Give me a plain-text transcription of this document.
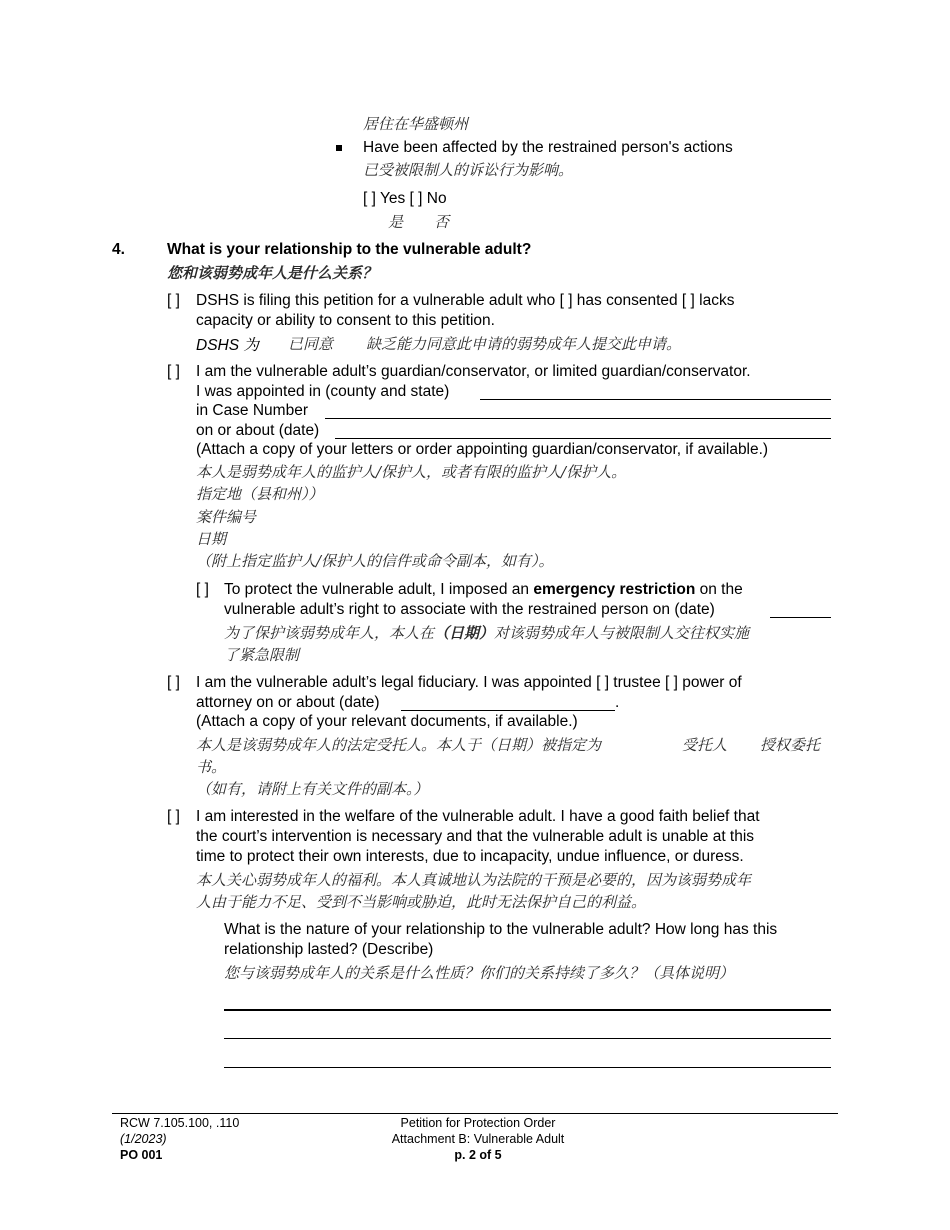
居住在华盛顿州
Have been affected by the restrained person's actions
已受被限制人的诉讼行为影响。
[ ] Yes [ ] No
是 否
4.	What is your relationship to the vulnerable adult?
您和该弱势成年人是什么关系？
[ ] DSHS is filing this petition for a vulnerable adult who [ ] has consented [ ] lacks
capacity or ability to consent to this petition.
DSHS 为 已同意 缺乏能力同意此申请的弱势成年人提交此申请。
[ ] I am the vulnerable adult’s guardian/conservator, or limited guardian/conservator.
I was appointed in (county and state)
in Case Number
on or about (date)
(Attach a copy of your letters or order appointing guardian/conservator, if available.)
本人是弱势成年人的监护人/保护人，或者有限的监护人/保护人。
指定地（县和州））
案件编号
日期
（附上指定监护人/保护人的信件或命令副本，如有）。
[ ] To protect the vulnerable adult, I imposed an emergency restriction on the
vulnerable adult’s right to associate with the restrained person on (date)
为了保护该弱势成年人，本人在（日期）对该弱势成年人与被限制人交往权实施
了紧急限制
[ ] I am the vulnerable adult’s legal fiduciary. I was appointed [ ] trustee [ ] power of
attorney on or about (date)	.
(Attach a copy of your relevant documents, if available.)
本人是该弱势成年人的法定受托人。本人于（日期）被指定为	受托人 授权委托
书。
（如有，请附上有关文件的副本。）
[ ] I am interested in the welfare of the vulnerable adult. I have a good faith belief that
the court’s intervention is necessary and that the vulnerable adult is unable at this
time to protect their own interests, due to incapacity, undue influence, or duress.
本人关心弱势成年人的福利。本人真诚地认为法院的干预是必要的，因为该弱势成年
人由于能力不足、受到不当影响或胁迫，此时无法保护自己的利益。
What is the nature of your relationship to the vulnerable adult? How long has this
relationship lasted? (Describe)
您与该弱势成年人的关系是什么性质？你们的关系持续了多久？（具体说明）
RCW 7.105.100, .110
(1/2023)
PO 001
Petition for Protection Order
Attachment B: Vulnerable Adult
p. 2 of 5
